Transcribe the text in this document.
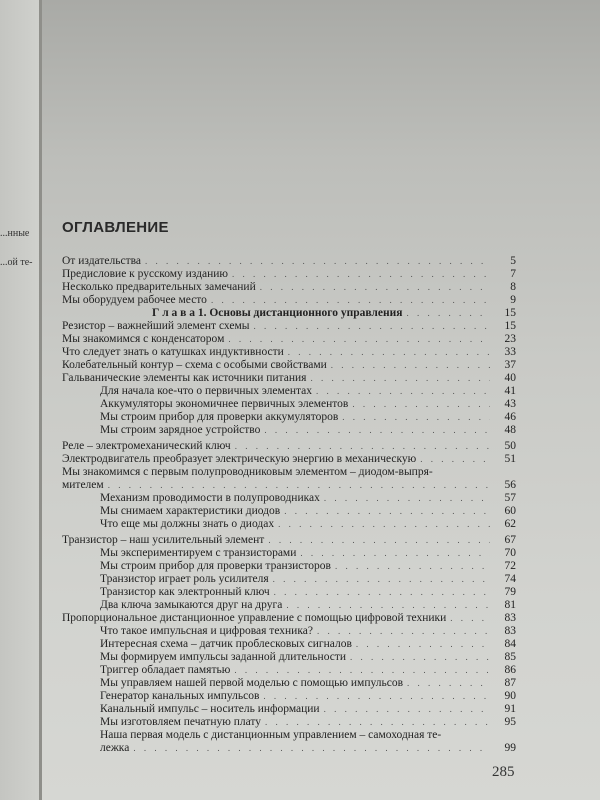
...нные
...ой те-
ОГЛАВЛЕНИЕ
От издательства . . .	5
Предисловие к русскому изданию . . .	7
Несколько предварительных замечаний . . .	8
Мы оборудуем рабочее место . . .	9
Г л а в а 1. Основы дистанционного управления . . .	15
Резистор – важнейший элемент схемы . . .	15
Мы знакомимся с конденсатором . . .	23
Что следует знать о катушках индуктивности . . .	33
Колебательный контур – схема с особыми свойствами . . .	37
Гальванические элементы как источники питания . . .	40
Для начала кое-что о первичных элементах . . .	41
Аккумуляторы экономичнее первичных элементов . . .	43
Мы строим прибор для проверки аккумуляторов . . .	46
Мы строим зарядное устройство . . .	48
Реле – электромеханический ключ . . .	50
Электродвигатель преобразует электрическую энергию в механическую . . .	51
Мы знакомимся с первым полупроводниковым элементом – диодом-выпря-
мителем . . .	56
Механизм проводимости в полупроводниках . . .	57
Мы снимаем характеристики диодов . . .	60
Что еще мы должны знать о диодах . . .	62
Транзистор – наш усилительный элемент . . .	67
Мы экспериментируем с транзисторами . . .	70
Мы строим прибор для проверки транзисторов . . .	72
Транзистор играет роль усилителя . . .	74
Транзистор как электронный ключ . . .	79
Два ключа замыкаются друг на друга . . .	81
Пропорциональное дистанционное управление с помощью цифровой техники . . .	83
Что такое импульсная и цифровая техника? . . .	83
Интересная схема – датчик проблесковых сигналов . . .	84
Мы формируем импульсы заданной длительности . . .	85
Триггер обладает памятью . . .	86
Мы управляем нашей первой моделью с помощью импульсов . . .	87
Генератор канальных импульсов . . .	90
Канальный импульс – носитель информации . . .	91
Мы изготовляем печатную плату . . .	95
Наша первая модель с дистанционным управлением – самоходная те-
лежка . . .	99
285
